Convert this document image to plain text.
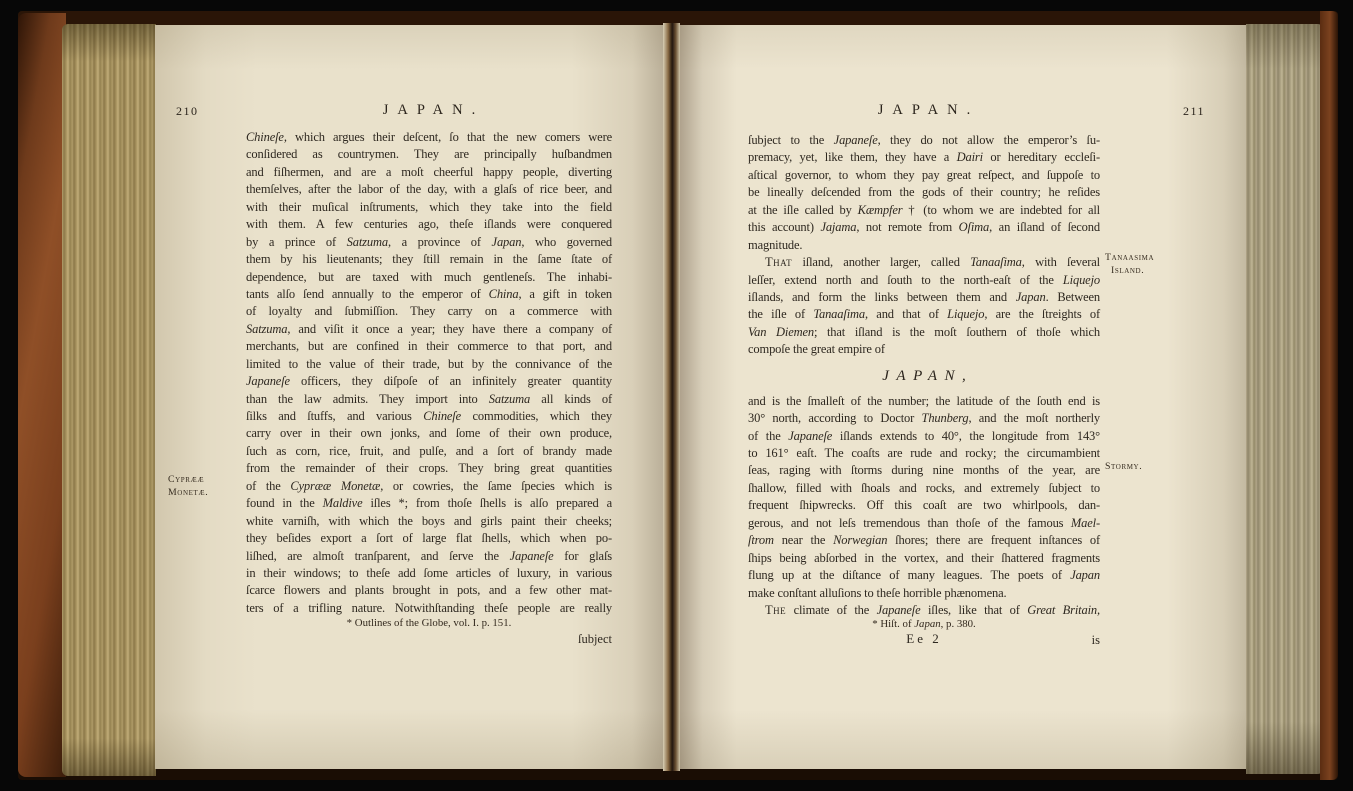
210	JAPAN.
Chineſe, which argues their deſcent, ſo that the new comers were
conſidered as countrymen. They are principally huſbandmen
and fiſhermen, and are a moſt cheerful happy people, diverting
themſelves, after the labor of the day, with a glaſs of rice beer, and
with their muſical inſtruments, which they take into the field
with them. A few centuries ago, theſe iſlands were conquered
by a prince of Satzuma, a province of Japan, who governed
them by his lieutenants; they ſtill remain in the ſame ſtate of
dependence, but are taxed with much gentleneſs. The inhabi-
tants alſo ſend annually to the emperor of China, a gift in token
of loyalty and ſubmiſſion. They carry on a commerce with
Satzuma, and viſit it once a year; they have there a company of
merchants, but are confined in their commerce to that port, and
limited to the value of their trade, but by the connivance of the
Japaneſe officers, they diſpoſe of an infinitely greater quantity
than the law admits. They import into Satzuma all kinds of
ſilks and ſtuffs, and various Chineſe commodities, which they
carry over in their own jonks, and ſome of their own produce,
ſuch as corn, rice, fruit, and pulſe, and a ſort of brandy made
from the remainder of their crops. They bring great quantities
of the Cyprææ Monetæ, or cowries, the ſame ſpecies which is
found in the Maldive iſles *; from thoſe ſhells is alſo prepared a
white varniſh, with which the boys and girls paint their cheeks;
they beſides export a ſort of large flat ſhells, which when po-
liſhed, are almoſt tranſparent, and ſerve the Japaneſe for glaſs
in their windows; to theſe add ſome articles of luxury, in various
ſcarce flowers and plants brought in pots, and a few other mat-
ters of a trifling nature. Notwithſtanding theſe people are really
Cyprææ
Monetæ.
* Outlines of the Globe, vol. I. p. 151.
ſubject
211
JAPAN.
ſubject to the Japaneſe, they do not allow the emperor’s ſu-
premacy, yet, like them, they have a Dairi or hereditary eccleſi-
aſtical governor, to whom they pay great reſpect, and ſuppoſe to
be lineally deſcended from the gods of their country; he reſides
at the iſle called by Kæmpfer † (to whom we are indebted for all
this account) Jajama, not remote from Oſima, an iſland of ſecond
magnitude.
That iſland, another larger, called Tanaaſima, with ſeveral
leſſer, extend north and ſouth to the north-eaſt of the Liquejo
iſlands, and form the links between them and Japan. Between
the iſle of Tanaaſima, and that of Liquejo, are the ſtreights of
Van Diemen; that iſland is the moſt ſouthern of thoſe which
compoſe the great empire of
JAPAN,
and is the ſmalleſt of the number; the latitude of the ſouth end is
30° north, according to Doctor Thunberg, and the moſt northerly
of the Japaneſe iſlands extends to 40°, the longitude from 143°
to 161° eaſt. The coaſts are rude and rocky; the circumambient
ſeas, raging with ſtorms during nine months of the year, are
ſhallow, filled with ſhoals and rocks, and extremely ſubject to
frequent ſhipwrecks. Off this coaſt are two whirlpools, dan-
gerous, and not leſs tremendous than thoſe of the famous Mael-
ſtrom near the Norwegian ſhores; there are frequent inſtances of
ſhips being abſorbed in the vortex, and their ſhattered fragments
flung up at the diſtance of many leagues. The poets of Japan
make conſtant alluſions to theſe horrible phænomena.
The climate of the Japaneſe iſles, like that of Great Britain,
Tanaasima
Island.
Stormy.
* Hiſt. of Japan, p. 380.
Ee 2	is
